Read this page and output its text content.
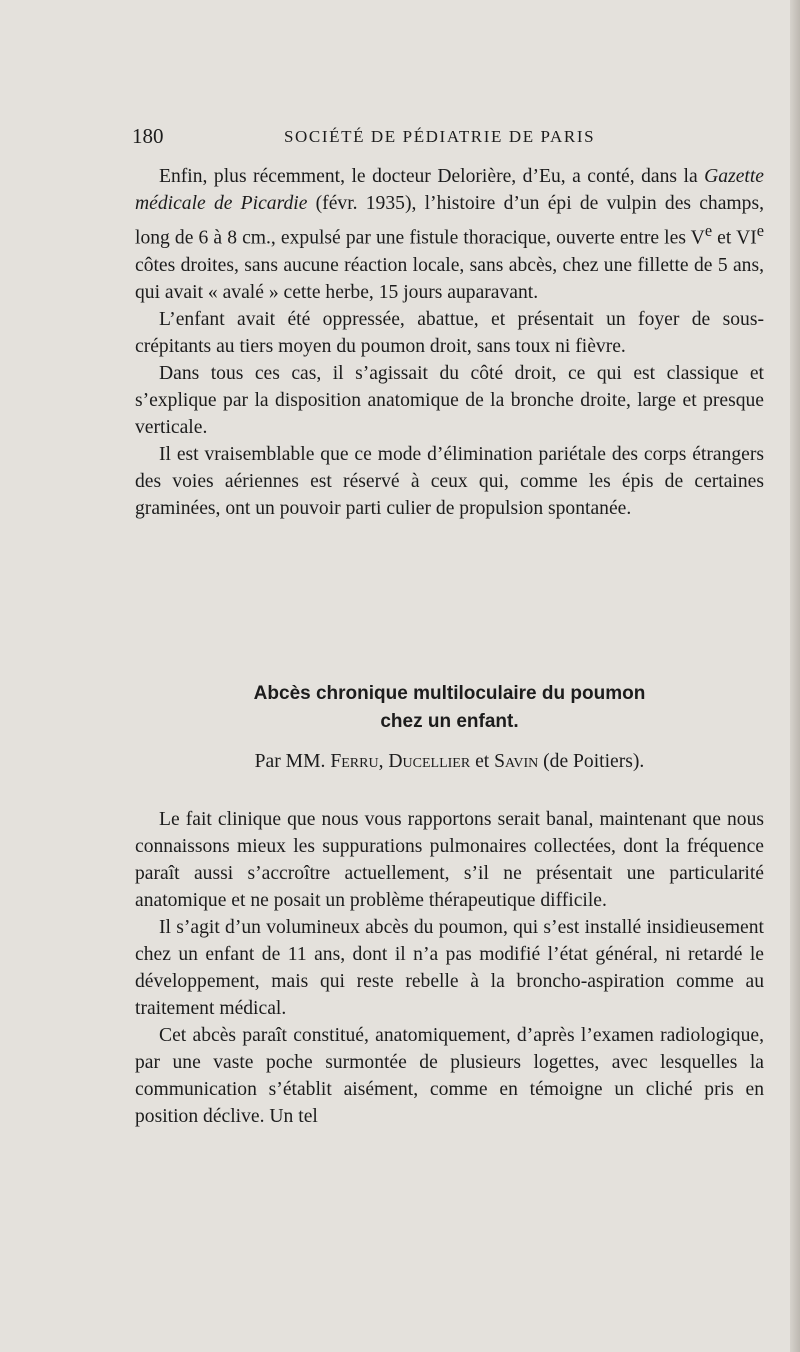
180	SOCIÉTÉ DE PÉDIATRIE DE PARIS

Enfin, plus récemment, le docteur Delorière, d’Eu, a conté, dans la Gazette médicale de Picardie (févr. 1935), l’histoire d’un épi de vulpin des champs, long de 6 à 8 cm., expulsé par une fistule thoracique, ouverte entre les Ve et VIe côtes droites, sans aucune réaction locale, sans abcès, chez une fillette de 5 ans, qui avait « avalé » cette herbe, 15 jours auparavant.

L’enfant avait été oppressée, abattue, et présentait un foyer de sous-crépitants au tiers moyen du poumon droit, sans toux ni fièvre.

Dans tous ces cas, il s’agissait du côté droit, ce qui est classique et s’explique par la disposition anatomique de la bronche droite, large et presque verticale.

Il est vraisemblable que ce mode d’élimination pariétale des corps étrangers des voies aériennes est réservé à ceux qui, comme les épis de certaines graminées, ont un pouvoir parti culier de propulsion spontanée.

Abcès chronique multiloculaire du poumon
chez un enfant.
Par MM. Ferru, Ducellier et Savin (de Poitiers).

Le fait clinique que nous vous rapportons serait banal, maintenant que nous connaissons mieux les suppurations pulmonaires collectées, dont la fréquence paraît aussi s’accroître actuellement, s’il ne présentait une particularité anatomique et ne posait un problème thérapeutique difficile.

Il s’agit d’un volumineux abcès du poumon, qui s’est installé insidieusement chez un enfant de 11 ans, dont il n’a pas modifié l’état général, ni retardé le développement, mais qui reste rebelle à la broncho-aspiration comme au traitement médical.

Cet abcès paraît constitué, anatomiquement, d’après l’examen radiologique, par une vaste poche surmontée de plusieurs logettes, avec lesquelles la communication s’établit aisément, comme en témoigne un cliché pris en position déclive. Un tel
